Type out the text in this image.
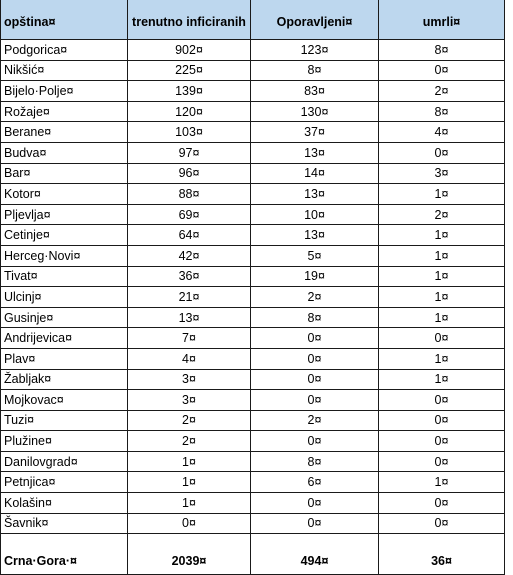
opština¤	trenutno inficiranih	Oporavljeni¤	umrli¤
Podgorica¤	902¤	123¤	8¤
Nikšić¤	225¤	8¤	0¤
Bijelo·Polje¤	139¤	83¤	2¤
Rožaje¤	120¤	130¤	8¤
Berane¤	103¤	37¤	4¤
Budva¤	97¤	13¤	0¤
Bar¤	96¤	14¤	3¤
Kotor¤	88¤	13¤	1¤
Pljevlja¤	69¤	10¤	2¤
Cetinje¤	64¤	13¤	1¤
Herceg·Novi¤	42¤	5¤	1¤
Tivat¤	36¤	19¤	1¤
Ulcinj¤	21¤	2¤	1¤
Gusinje¤	13¤	8¤	1¤
Andrijevica¤	7¤	0¤	0¤
Plav¤	4¤	0¤	1¤
Žabljak¤	3¤	0¤	1¤
Mojkovac¤	3¤	0¤	0¤
Tuzi¤	2¤	2¤	0¤
Plužine¤	2¤	0¤	0¤
Danilovgrad¤	1¤	8¤	0¤
Petnjica¤	1¤	6¤	1¤
Kolašin¤	1¤	0¤	0¤
Šavnik¤	0¤	0¤	0¤
Crna·Gora·¤	2039¤	494¤	36¤
